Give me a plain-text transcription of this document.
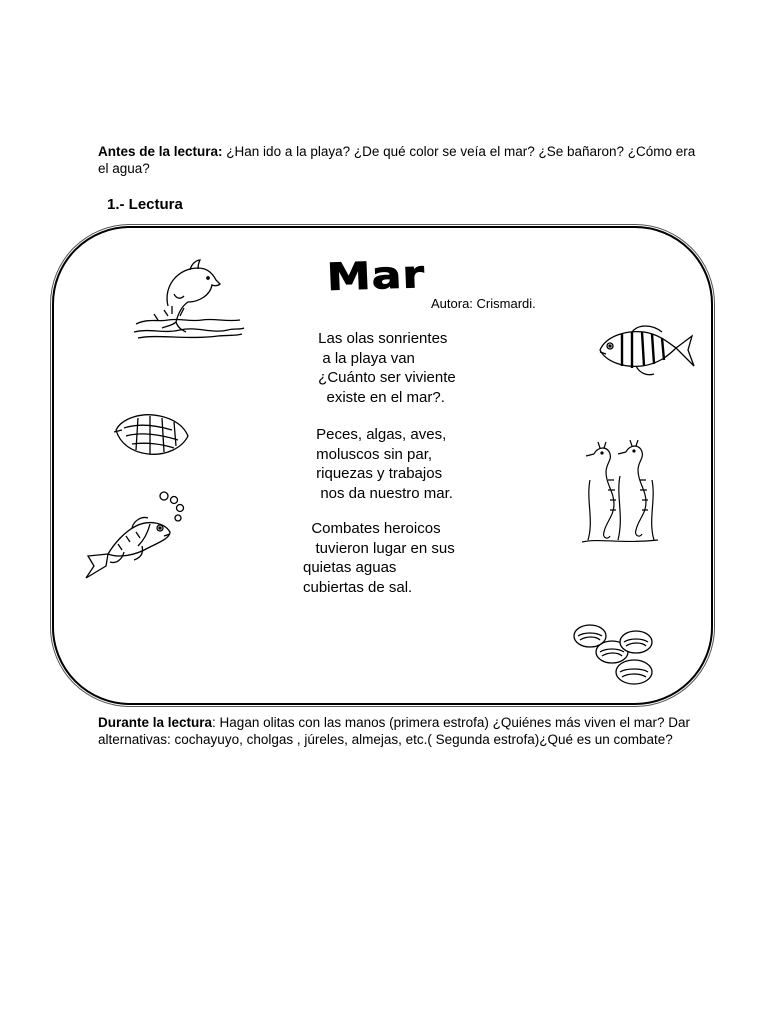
Antes de la lectura: ¿Han ido a la playa? ¿De qué color se veía el mar? ¿Se bañaron? ¿Cómo era el agua?

1.- Lectura

Mar

Autora: Crismardi.

Las olas sonrientes
a la playa van
¿Cuánto ser viviente
existe en el mar?.
Peces, algas, aves,
moluscos sin par,
riquezas y trabajos
nos da nuestro mar.
Combates heroicos
tuvieron lugar en sus
quietas aguas
cubiertas de sal.

Durante la lectura: Hagan olitas con las manos (primera estrofa) ¿Quiénes más viven el mar? Dar alternativas: cochayuyo, cholgas , júreles, almejas, etc.( Segunda estrofa)¿Qué es un combate?
